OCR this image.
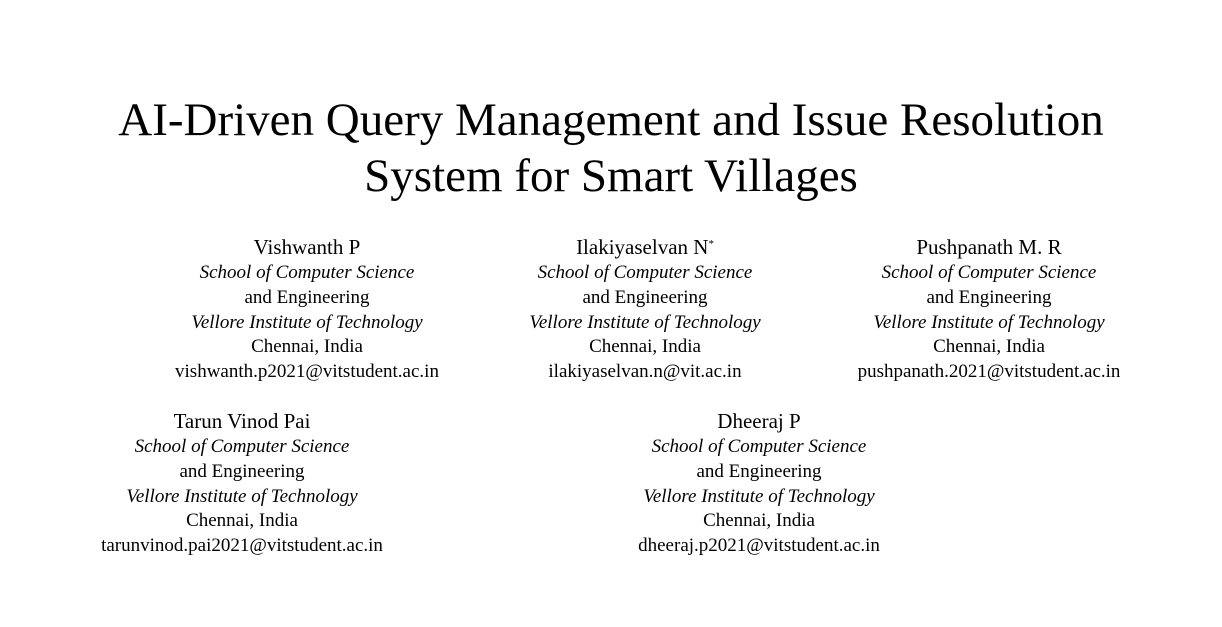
AI-Driven Query Management and Issue Resolution
System for Smart Villages
Vishwanth P
School of Computer Science
and Engineering
Vellore Institute of Technology
Chennai, India
vishwanth.p2021@vitstudent.ac.in
Ilakiyaselvan N*
School of Computer Science
and Engineering
Vellore Institute of Technology
Chennai, India
ilakiyaselvan.n@vit.ac.in
Pushpanath M. R
School of Computer Science
and Engineering
Vellore Institute of Technology
Chennai, India
pushpanath.2021@vitstudent.ac.in
Tarun Vinod Pai
School of Computer Science
and Engineering
Vellore Institute of Technology
Chennai, India
tarunvinod.pai2021@vitstudent.ac.in
Dheeraj P
School of Computer Science
and Engineering
Vellore Institute of Technology
Chennai, India
dheeraj.p2021@vitstudent.ac.in
